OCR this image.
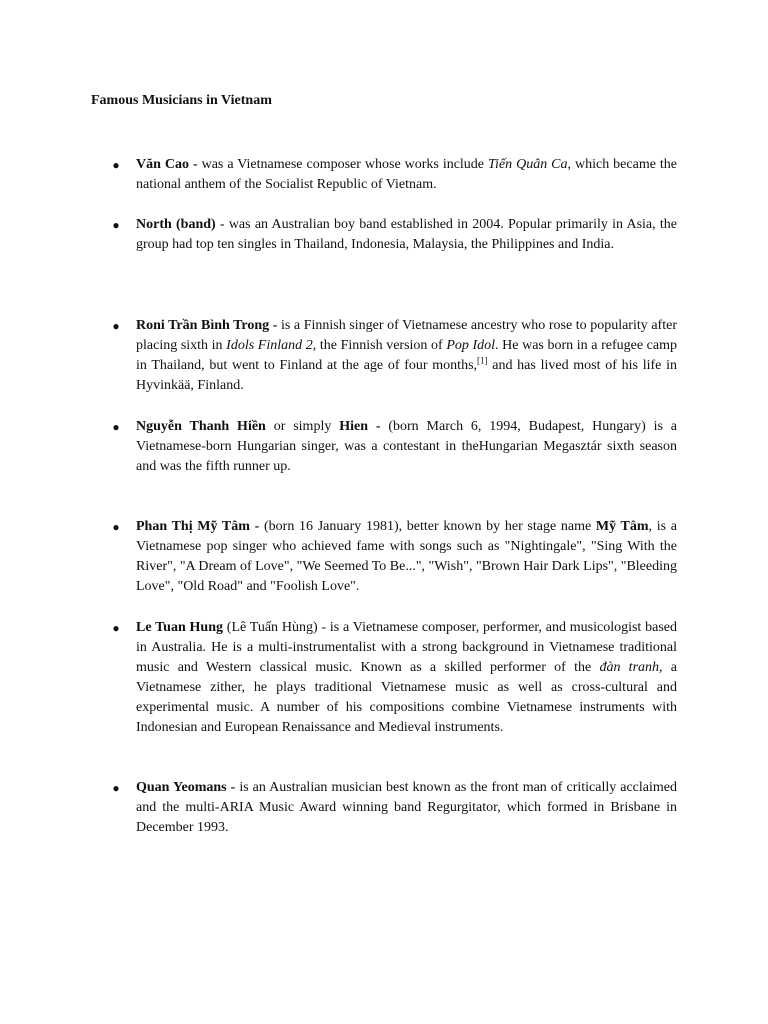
Famous Musicians in Vietnam
● Văn Cao - was a Vietnamese composer whose works include Tiến Quân Ca, which became the national anthem of the Socialist Republic of Vietnam.
● North (band) - was an Australian boy band established in 2004. Popular primarily in Asia, the group had top ten singles in Thailand, Indonesia, Malaysia, the Philippines and India.
● Roni Trần Bình Trong - is a Finnish singer of Vietnamese ancestry who rose to popularity after placing sixth in Idols Finland 2, the Finnish version of Pop Idol. He was born in a refugee camp in Thailand, but went to Finland at the age of four months,[1] and has lived most of his life in Hyvinkää, Finland.
● Nguyễn Thanh Hiền or simply Hien - (born March 6, 1994, Budapest, Hungary) is a Vietnamese-born Hungarian singer, was a contestant in theHungarian Megasztár sixth season and was the fifth runner up.
● Phan Thị Mỹ Tâm - (born 16 January 1981), better known by her stage name Mỹ Tâm, is a Vietnamese pop singer who achieved fame with songs such as "Nightingale", "Sing With the River", "A Dream of Love", "We Seemed To Be...", "Wish", "Brown Hair Dark Lips", "Bleeding Love", "Old Road" and "Foolish Love".
● Le Tuan Hung (Lê Tuấn Hùng) - is a Vietnamese composer, performer, and musicologist based in Australia. He is a multi-instrumentalist with a strong background in Vietnamese traditional music and Western classical music. Known as a skilled performer of the đàn tranh, a Vietnamese zither, he plays traditional Vietnamese music as well as cross-cultural and experimental music. A number of his compositions combine Vietnamese instruments with Indonesian and European Renaissance and Medieval instruments.
● Quan Yeomans - is an Australian musician best known as the front man of critically acclaimed and the multi-ARIA Music Award winning band Regurgitator, which formed in Brisbane in December 1993.
